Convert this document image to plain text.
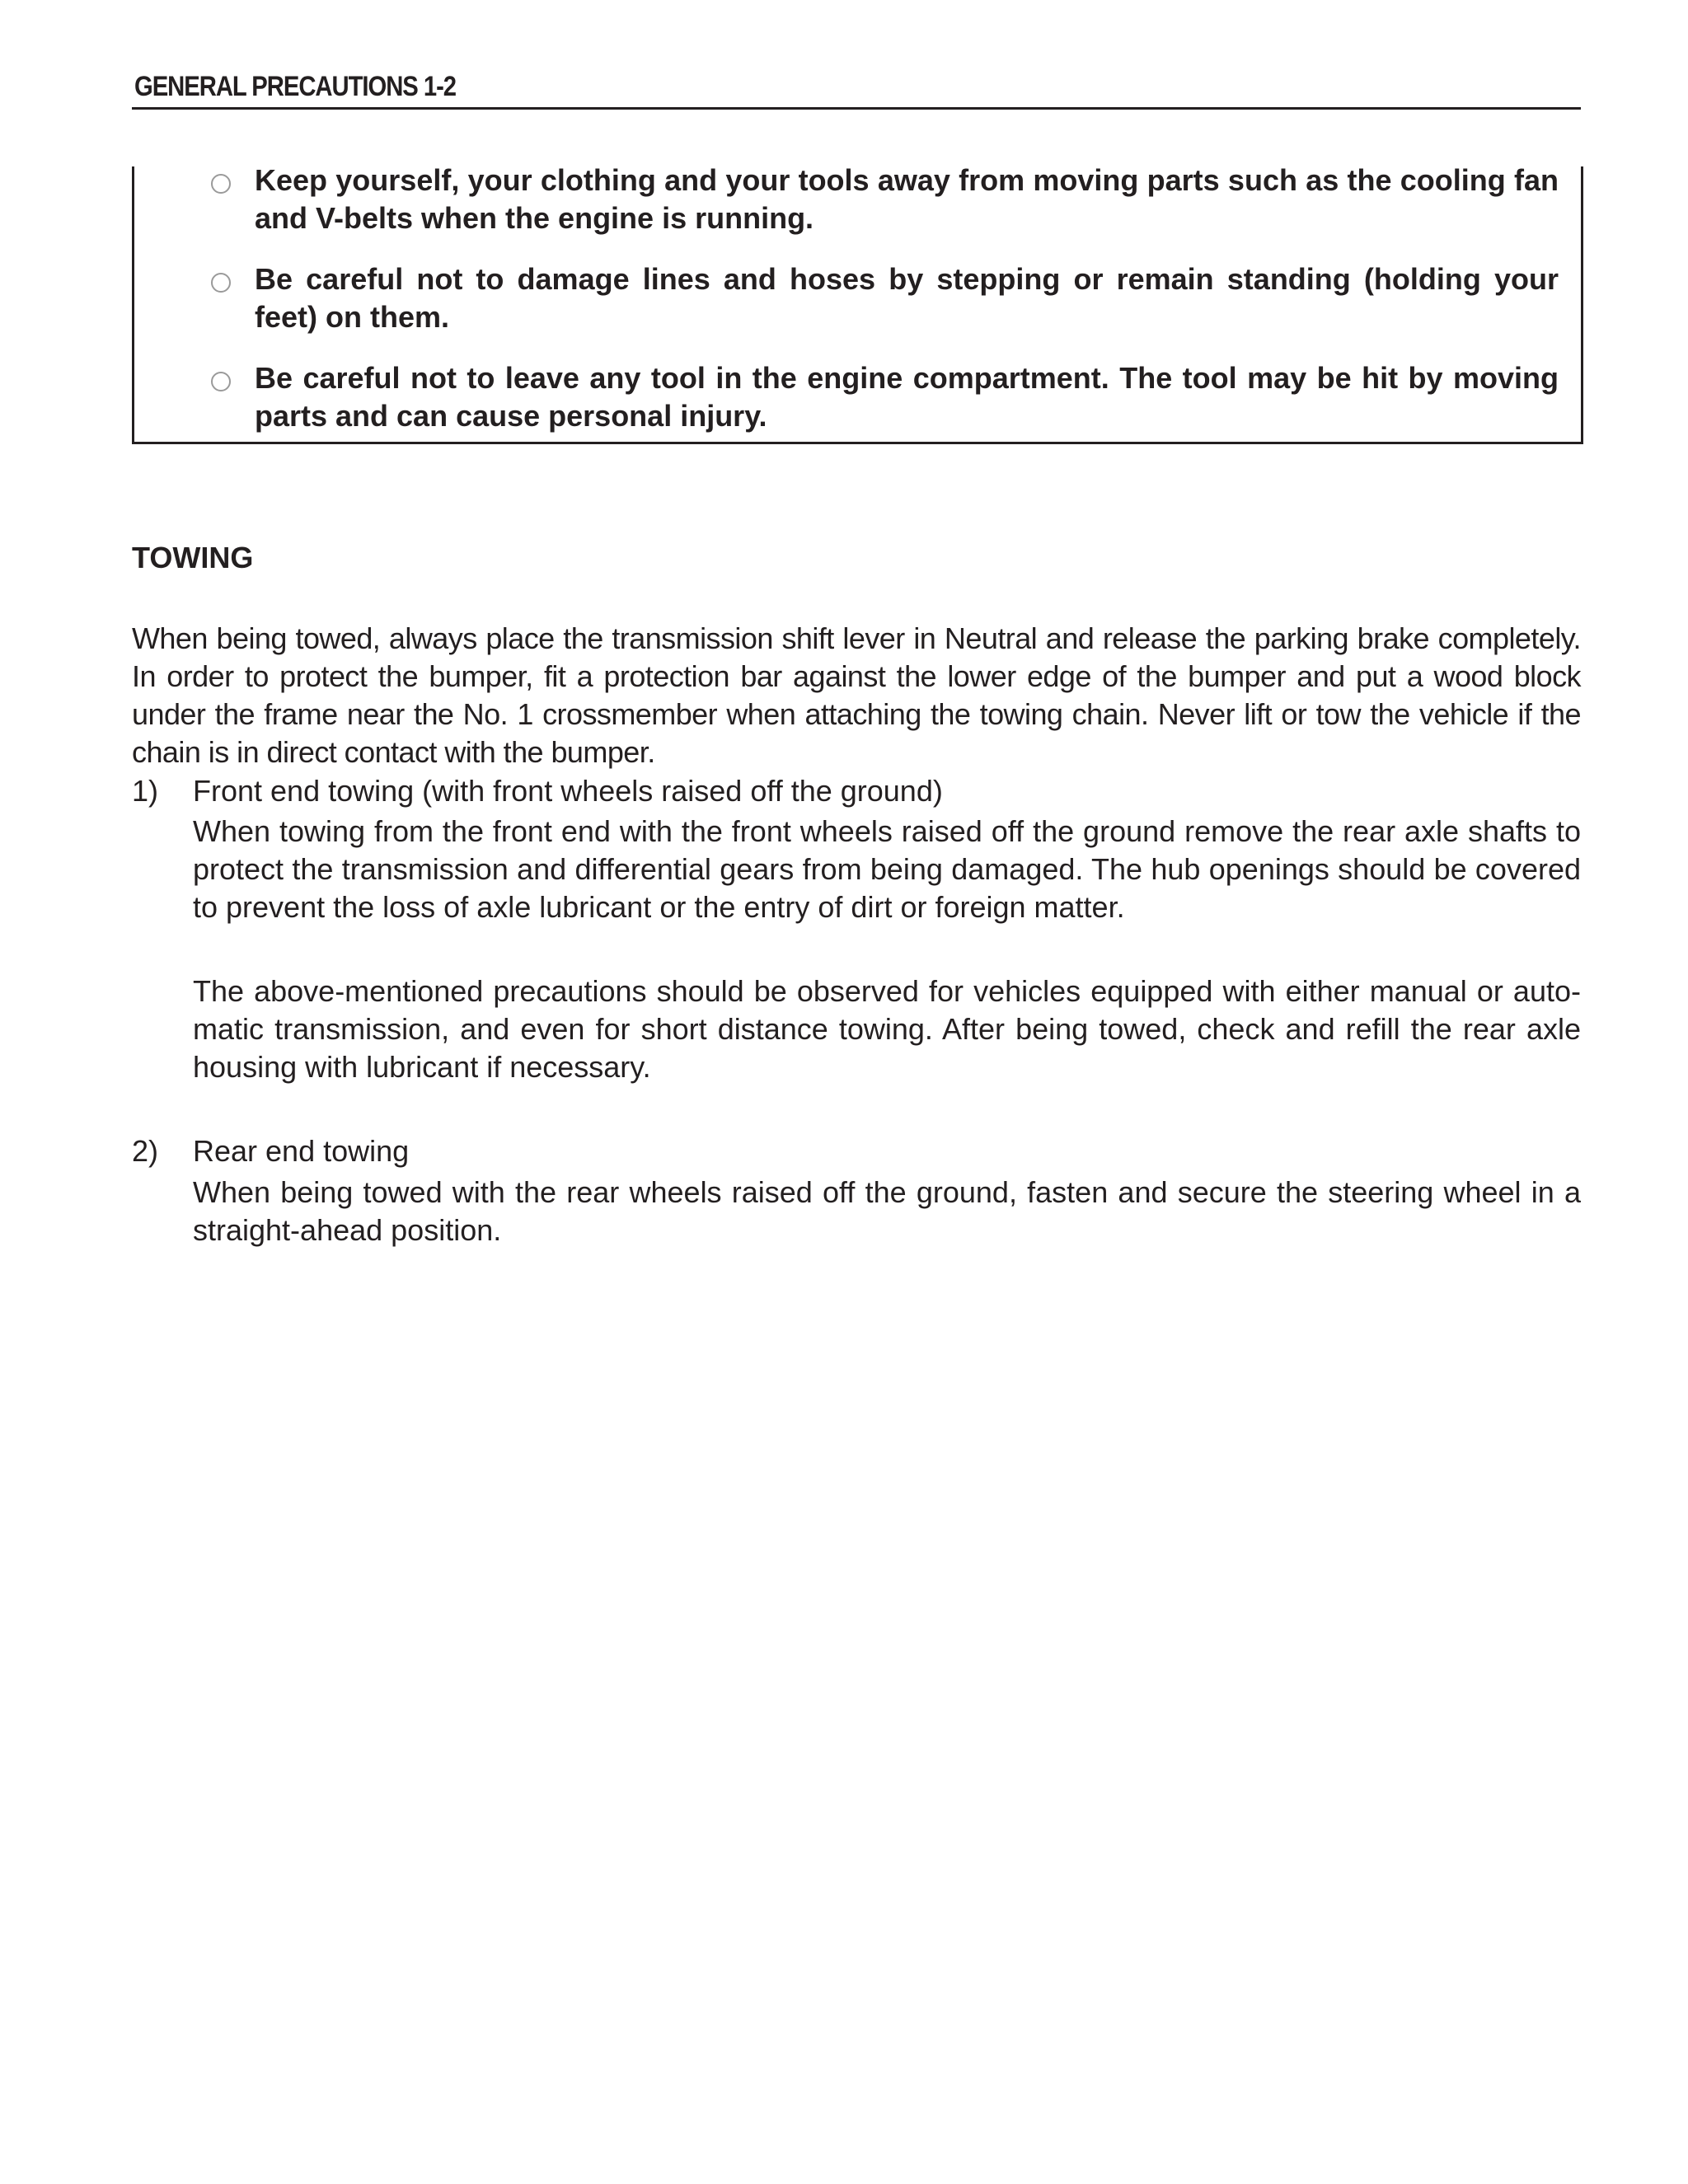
GENERAL PRECAUTIONS 1-2
Keep yourself, your clothing and your tools away from moving parts such as the cooling fan and V-belts when the engine is running.
Be careful not to damage lines and hoses by stepping or remain standing (holding your feet) on them.
Be careful not to leave any tool in the engine compartment. The tool may be hit by moving parts and can cause personal injury.
TOWING
When being towed, always place the transmission shift lever in Neutral and release the parking brake completely. In order to protect the bumper, fit a protection bar against the lower edge of the bumper and put a wood block under the frame near the No. 1 crossmember when attaching the towing chain. Never lift or tow the vehicle if the chain is in direct contact with the bumper.
1) Front end towing (with front wheels raised off the ground)
When towing from the front end with the front wheels raised off the ground remove the rear axle shafts to protect the transmission and differential gears from being damaged. The hub openings should be covered to prevent the loss of axle lubricant or the entry of dirt or foreign matter.
The above-mentioned precautions should be observed for vehicles equipped with either manual or auto-matic transmission, and even for short distance towing. After being towed, check and refill the rear axle housing with lubricant if necessary.
2) Rear end towing
When being towed with the rear wheels raised off the ground, fasten and secure the steering wheel in a straight-ahead position.
